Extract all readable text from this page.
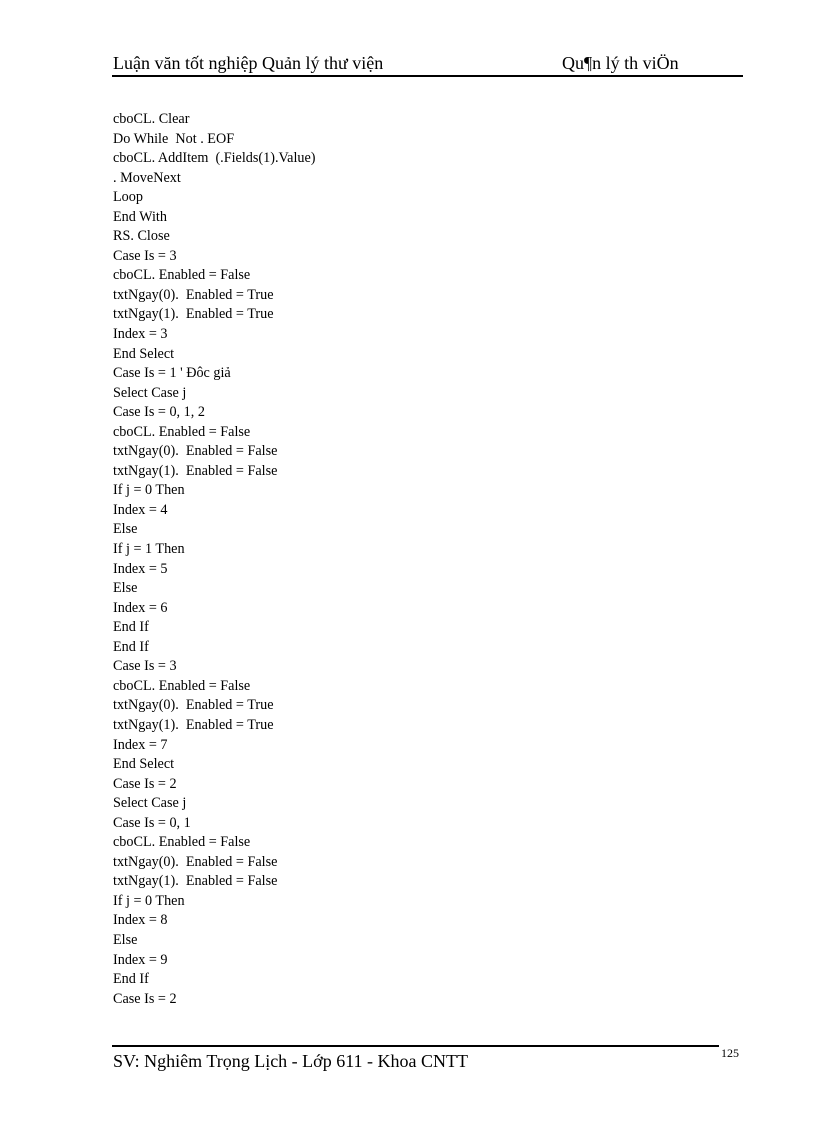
Luận văn tốt nghiệp Quản lý thư viện	Qu¶n lý th viÖn
cboCL. Clear
Do While  Not . EOF
cboCL. AddItem  (.Fields(1).Value)
. MoveNext
Loop
End With
RS. Close
Case Is = 3
cboCL. Enabled = False
txtNgay(0).  Enabled = True
txtNgay(1).  Enabled = True
Index = 3
End Select
Case Is = 1 ' Đôc giả
Select Case j
Case Is = 0, 1, 2
cboCL. Enabled = False
txtNgay(0).  Enabled = False
txtNgay(1).  Enabled = False
If j = 0 Then
Index = 4
Else
If j = 1 Then
Index = 5
Else
Index = 6
End If
End If
Case Is = 3
cboCL. Enabled = False
txtNgay(0).  Enabled = True
txtNgay(1).  Enabled = True
Index = 7
End Select
Case Is = 2
Select Case j
Case Is = 0, 1
cboCL. Enabled = False
txtNgay(0).  Enabled = False
txtNgay(1).  Enabled = False
If j = 0 Then
Index = 8
Else
Index = 9
End If
Case Is = 2
SV: Nghiêm Trọng Lịch - Lớp 611 - Khoa CNTT	125
